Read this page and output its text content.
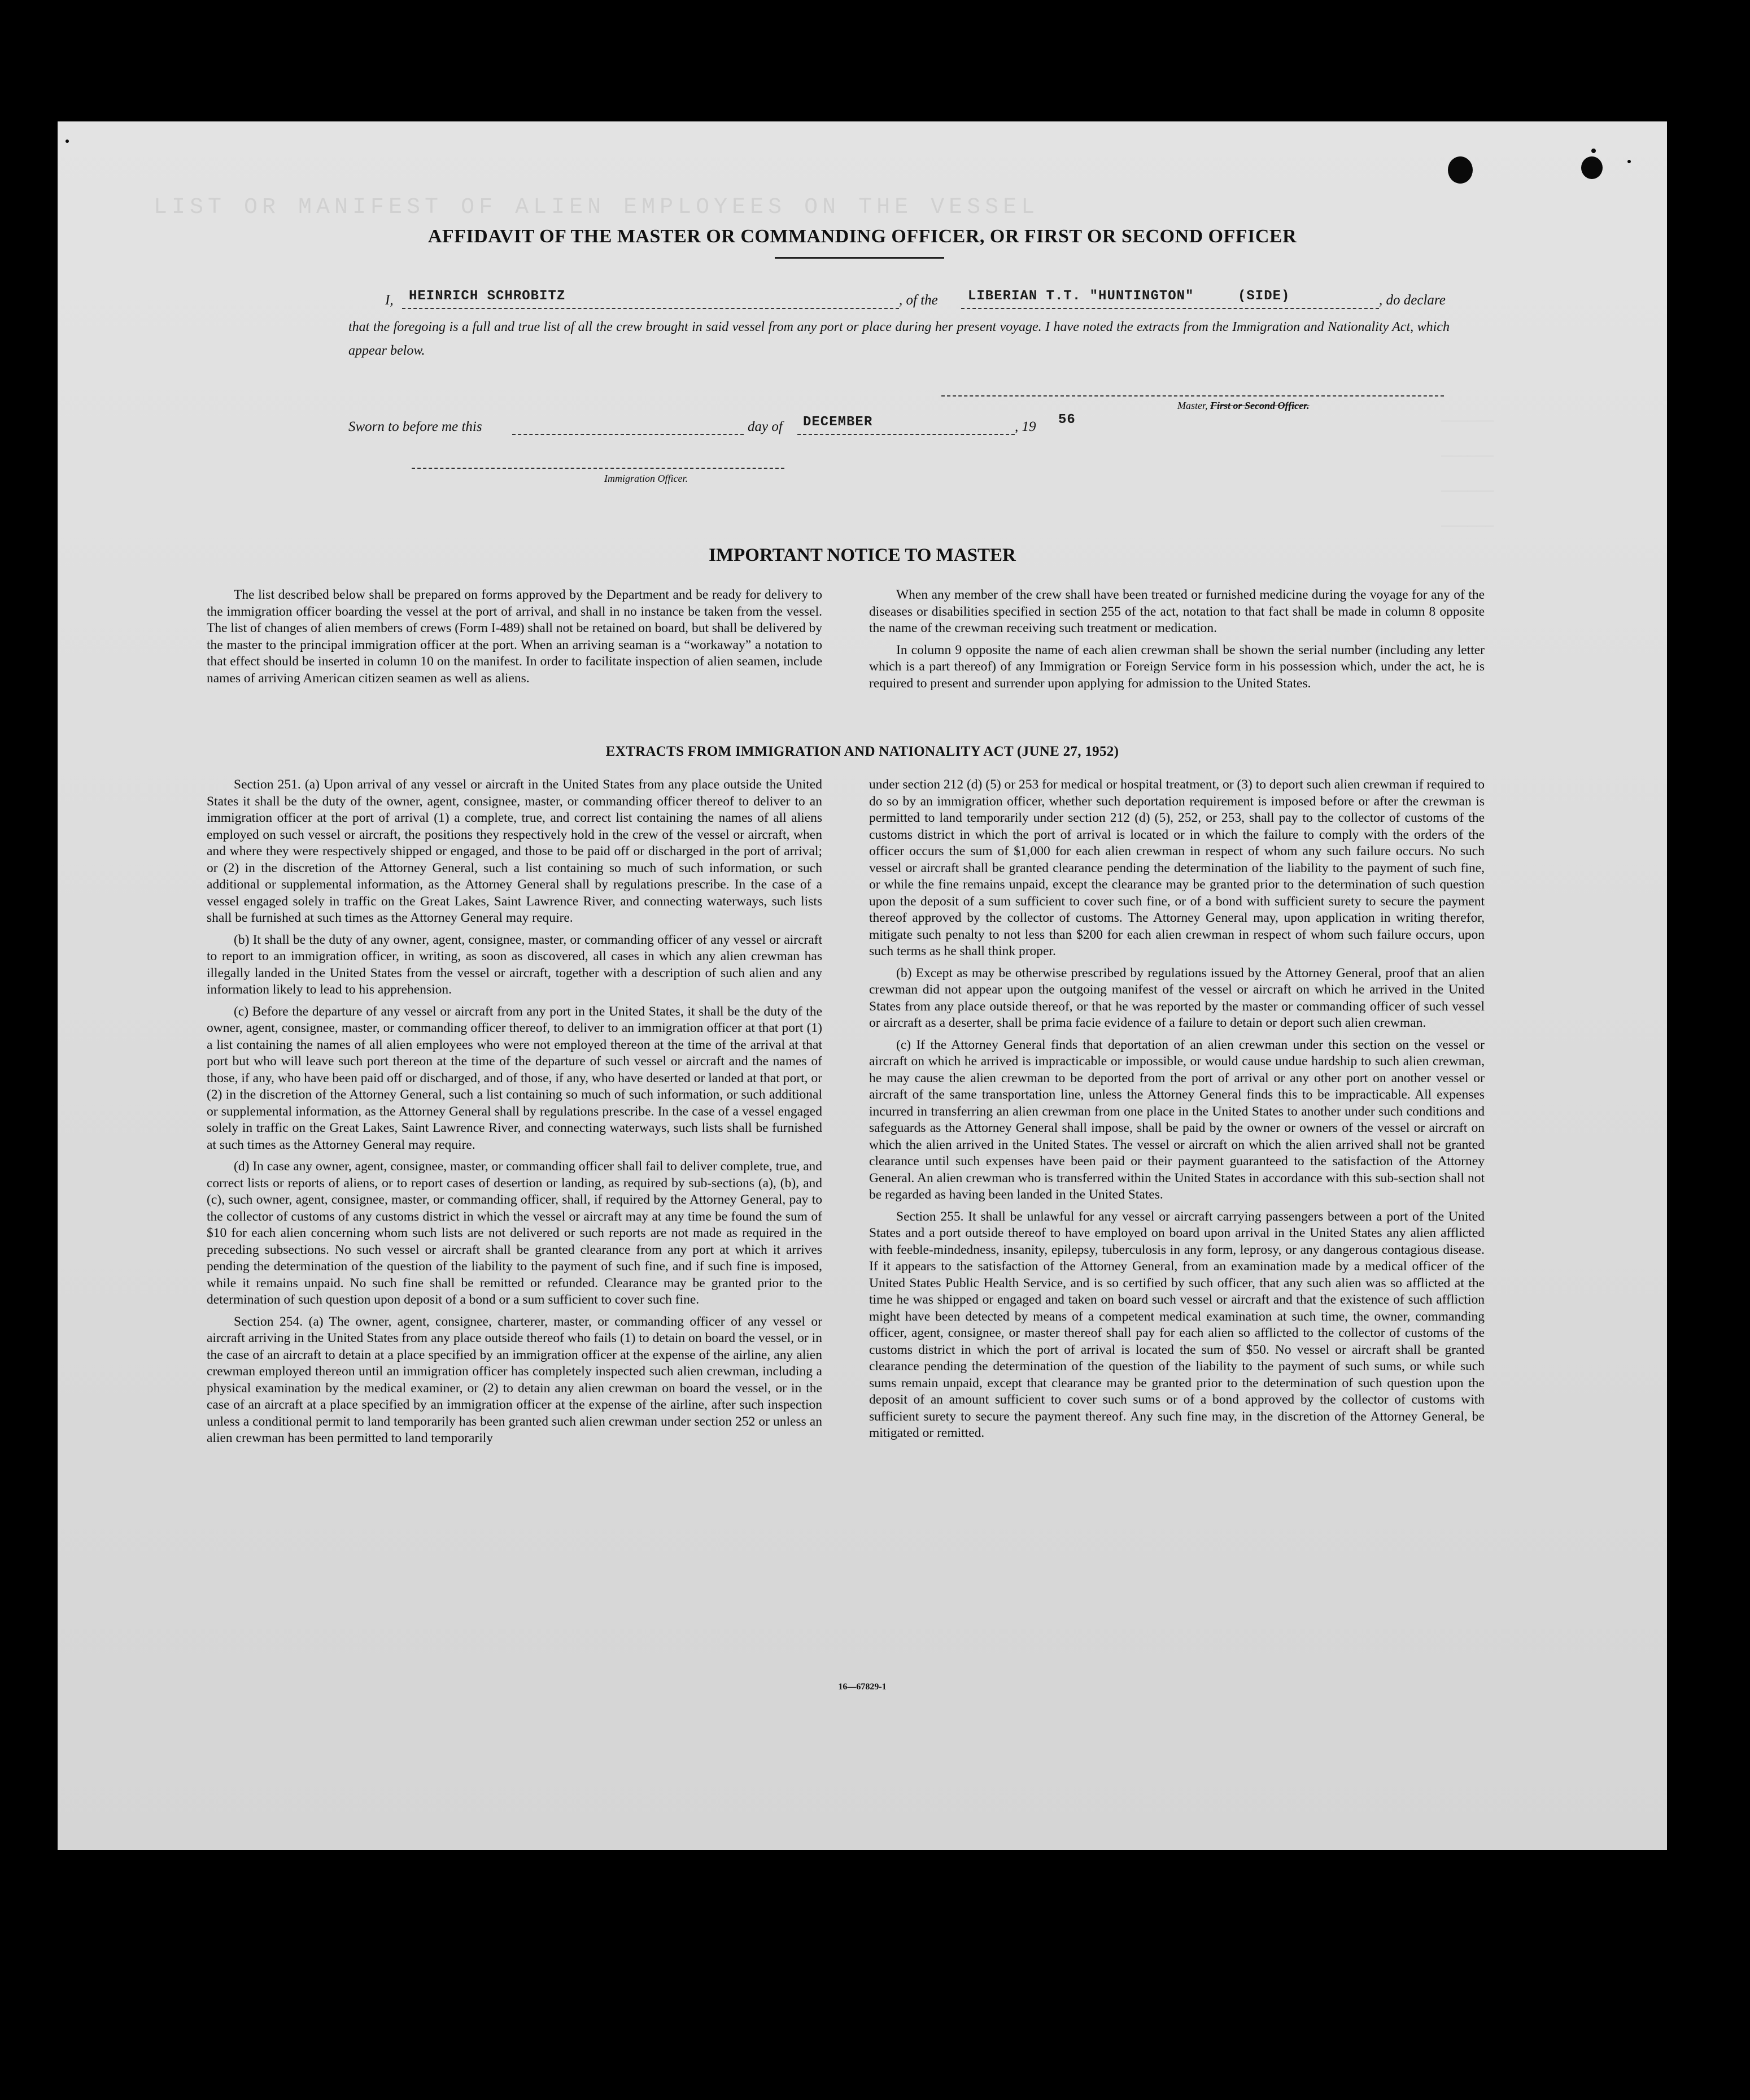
LIST OR MANIFEST OF ALIEN EMPLOYEES ON THE VESSEL
______
______
______
______
AFFIDAVIT OF THE MASTER OR COMMANDING OFFICER, OR FIRST OR SECOND OFFICER
I, HEINRICH SCHROBITZ	, of the LIBERIAN T.T. "HUNTINGTON"	(SIDE)	, do declare
that the foregoing is a full and true list of all the crew brought in said vessel from any port or place during her present voyage. I have noted the extracts from the Immigration and Nationality Act, which appear below.
Master, First or Second Officer.
Sworn to before me this	day of DECEMBER	, 19 56
Immigration Officer.
IMPORTANT NOTICE TO MASTER

The list described below shall be prepared on forms approved by the Department and be ready for delivery to the immigration officer boarding the vessel at the port of arrival, and shall in no instance be taken from the vessel. The list of changes of alien members of crews (Form I-489) shall not be retained on board, but shall be delivered by the master to the principal immigration officer at the port. When an arriving seaman is a “workaway” a notation to that effect should be inserted in column 10 on the manifest. In order to facilitate inspection of alien seamen, include names of arriving American citizen seamen as well as aliens.

When any member of the crew shall have been treated or furnished medicine during the voyage for any of the diseases or disabilities specified in section 255 of the act, notation to that fact shall be made in column 8 opposite the name of the crewman receiving such treatment or medication.

In column 9 opposite the name of each alien crewman shall be shown the serial number (including any letter which is a part thereof) of any Immigration or Foreign Service form in his possession which, under the act, he is required to present and surrender upon applying for admission to the United States.

EXTRACTS FROM IMMIGRATION AND NATIONALITY ACT (JUNE 27, 1952)

Section 251. (a) Upon arrival of any vessel or aircraft in the United States from any place outside the United States it shall be the duty of the owner, agent, consignee, master, or commanding officer thereof to deliver to an immigration officer at the port of arrival (1) a complete, true, and correct list containing the names of all aliens employed on such vessel or aircraft, the positions they respectively hold in the crew of the vessel or aircraft, when and where they were respectively shipped or engaged, and those to be paid off or discharged in the port of arrival; or (2) in the discretion of the Attorney General, such a list containing so much of such information, or such additional or supplemental information, as the Attorney General shall by regulations prescribe. In the case of a vessel engaged solely in traffic on the Great Lakes, Saint Lawrence River, and connecting waterways, such lists shall be furnished at such times as the Attorney General may require.

(b) It shall be the duty of any owner, agent, consignee, master, or commanding officer of any vessel or aircraft to report to an immigration officer, in writing, as soon as discovered, all cases in which any alien crewman has illegally landed in the United States from the vessel or aircraft, together with a description of such alien and any information likely to lead to his apprehension.

(c) Before the departure of any vessel or aircraft from any port in the United States, it shall be the duty of the owner, agent, consignee, master, or commanding officer thereof, to deliver to an immigration officer at that port (1) a list containing the names of all alien employees who were not employed thereon at the time of the arrival at that port but who will leave such port thereon at the time of the departure of such vessel or aircraft and the names of those, if any, who have been paid off or discharged, and of those, if any, who have deserted or landed at that port, or (2) in the discretion of the Attorney General, such a list containing so much of such information, or such additional or supplemental information, as the Attorney General shall by regulations prescribe. In the case of a vessel engaged solely in traffic on the Great Lakes, Saint Lawrence River, and connecting waterways, such lists shall be furnished at such times as the Attorney General may require.

(d) In case any owner, agent, consignee, master, or commanding officer shall fail to deliver complete, true, and correct lists or reports of aliens, or to report cases of desertion or landing, as required by sub-sections (a), (b), and (c), such owner, agent, consignee, master, or commanding officer, shall, if required by the Attorney General, pay to the collector of customs of any customs district in which the vessel or aircraft may at any time be found the sum of $10 for each alien concerning whom such lists are not delivered or such reports are not made as required in the preceding subsections. No such vessel or aircraft shall be granted clearance from any port at which it arrives pending the determination of the question of the liability to the payment of such fine, and if such fine is imposed, while it remains unpaid. No such fine shall be remitted or refunded. Clearance may be granted prior to the determination of such question upon deposit of a bond or a sum sufficient to cover such fine.

Section 254. (a) The owner, agent, consignee, charterer, master, or commanding officer of any vessel or aircraft arriving in the United States from any place outside thereof who fails (1) to detain on board the vessel, or in the case of an aircraft to detain at a place specified by an immigration officer at the expense of the airline, any alien crewman employed thereon until an immigration officer has completely inspected such alien crewman, including a physical examination by the medical examiner, or (2) to detain any alien crewman on board the vessel, or in the case of an aircraft at a place specified by an immigration officer at the expense of the airline, after such inspection unless a conditional permit to land temporarily has been granted such alien crewman under section 252 or unless an alien crewman has been permitted to land temporarily

under section 212 (d) (5) or 253 for medical or hospital treatment, or (3) to deport such alien crewman if required to do so by an immigration officer, whether such deportation requirement is imposed before or after the crewman is permitted to land temporarily under section 212 (d) (5), 252, or 253, shall pay to the collector of customs of the customs district in which the port of arrival is located or in which the failure to comply with the orders of the officer occurs the sum of $1,000 for each alien crewman in respect of whom any such failure occurs. No such vessel or aircraft shall be granted clearance pending the determination of the liability to the payment of such fine, or while the fine remains unpaid, except the clearance may be granted prior to the determination of such question upon the deposit of a sum sufficient to cover such fine, or of a bond with sufficient surety to secure the payment thereof approved by the collector of customs. The Attorney General may, upon application in writing therefor, mitigate such penalty to not less than $200 for each alien crewman in respect of whom such failure occurs, upon such terms as he shall think proper.

(b) Except as may be otherwise prescribed by regulations issued by the Attorney General, proof that an alien crewman did not appear upon the outgoing manifest of the vessel or aircraft on which he arrived in the United States from any place outside thereof, or that he was reported by the master or commanding officer of such vessel or aircraft as a deserter, shall be prima facie evidence of a failure to detain or deport such alien crewman.

(c) If the Attorney General finds that deportation of an alien crewman under this section on the vessel or aircraft on which he arrived is impracticable or impossible, or would cause undue hardship to such alien crewman, he may cause the alien crewman to be deported from the port of arrival or any other port on another vessel or aircraft of the same transportation line, unless the Attorney General finds this to be impracticable. All expenses incurred in transferring an alien crewman from one place in the United States to another under such conditions and safeguards as the Attorney General shall impose, shall be paid by the owner or owners of the vessel or aircraft on which the alien arrived in the United States. The vessel or aircraft on which the alien arrived shall not be granted clearance until such expenses have been paid or their payment guaranteed to the satisfaction of the Attorney General. An alien crewman who is transferred within the United States in accordance with this sub-section shall not be regarded as having been landed in the United States.

Section 255. It shall be unlawful for any vessel or aircraft carrying passengers between a port of the United States and a port outside thereof to have employed on board upon arrival in the United States any alien afflicted with feeble-mindedness, insanity, epilepsy, tuberculosis in any form, leprosy, or any dangerous contagious disease. If it appears to the satisfaction of the Attorney General, from an examination made by a medical officer of the United States Public Health Service, and is so certified by such officer, that any such alien was so afflicted at the time he was shipped or engaged and taken on board such vessel or aircraft and that the existence of such affliction might have been detected by means of a competent medical examination at such time, the owner, commanding officer, agent, consignee, or master thereof shall pay for each alien so afflicted to the collector of customs of the customs district in which the port of arrival is located the sum of $50. No vessel or aircraft shall be granted clearance pending the determination of the question of the liability to the payment of such sums, or while such sums remain unpaid, except that clearance may be granted prior to the determination of such question upon the deposit of an amount sufficient to cover such sums or of a bond approved by the collector of customs with sufficient surety to secure the payment thereof. Any such fine may, in the discretion of the Attorney General, be mitigated or remitted.

16—67829-1
